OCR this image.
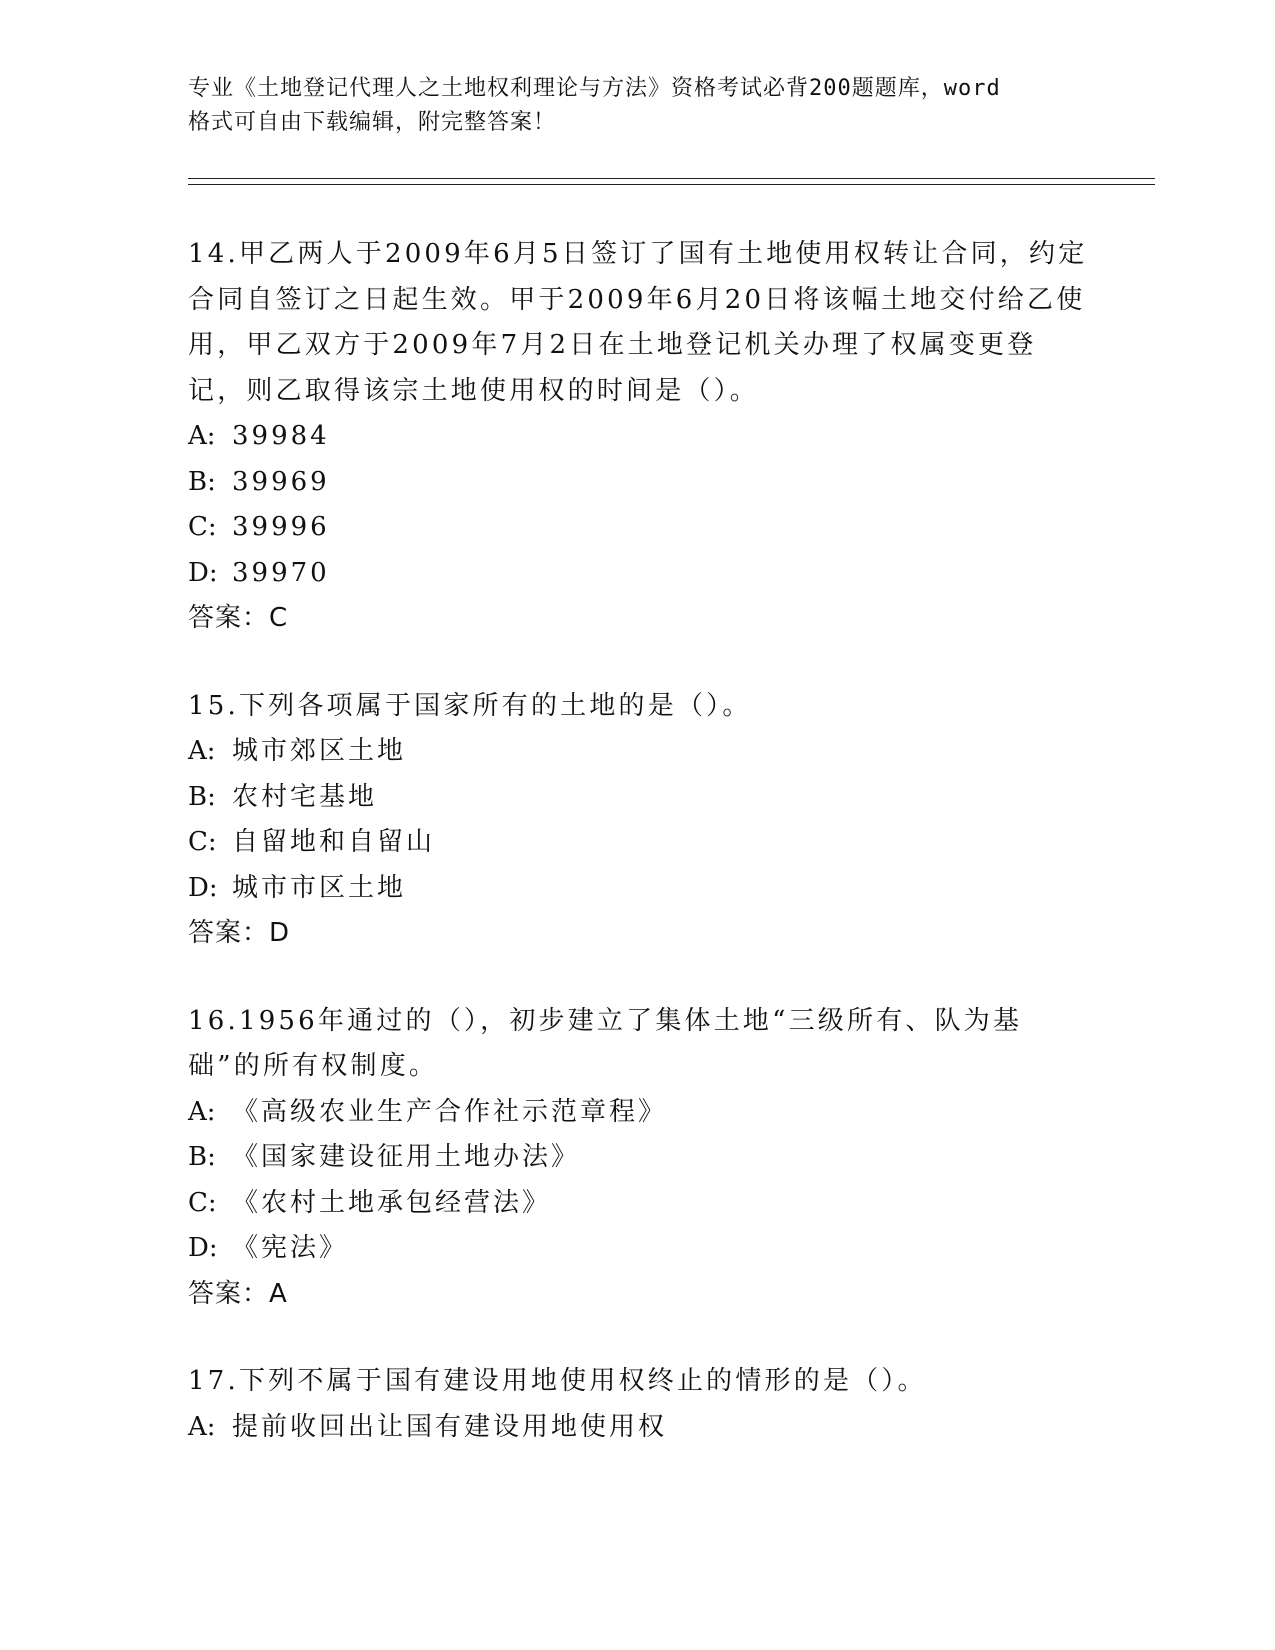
专业《土地登记代理人之土地权利理论与方法》资格考试必背200题题库，word
格式可自由下载编辑，附完整答案！
14.甲乙两人于2009年6月5日签订了国有土地使用权转让合同，约定合同自签订之日起生效。甲于2009年6月20日将该幅土地交付给乙使用，甲乙双方于2009年7月2日在土地登记机关办理了权属变更登记，则乙取得该宗土地使用权的时间是（）。
A: 39984
B: 39969
C: 39996
D: 39970
答案：C
15.下列各项属于国家所有的土地的是（）。
A: 城市郊区土地
B: 农村宅基地
C: 自留地和自留山
D: 城市市区土地
答案：D
16.1956年通过的（），初步建立了集体土地“三级所有、队为基础”的所有权制度。
A: 《高级农业生产合作社示范章程》
B: 《国家建设征用土地办法》
C: 《农村土地承包经营法》
D: 《宪法》
答案：A
17.下列不属于国有建设用地使用权终止的情形的是（）。
A: 提前收回出让国有建设用地使用权
